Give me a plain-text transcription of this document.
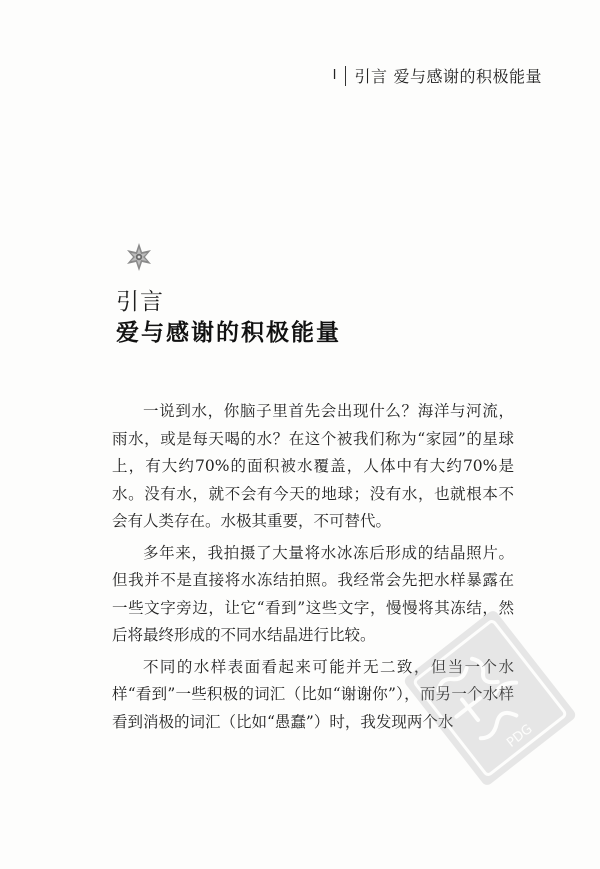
I 引言 爱与感谢的积极能量
引言
爱与感谢的积极能量

一说到水，你脑子里首先会出现什么？海洋与河流，雨水，或是每天喝的水？在这个被我们称为“家园”的星球上，有大约70%的面积被水覆盖，人体中有大约70%是水。没有水，就不会有今天的地球；没有水，也就根本不会有人类存在。水极其重要，不可替代。

多年来，我拍摄了大量将水冰冻后形成的结晶照片。但我并不是直接将水冻结拍照。我经常会先把水样暴露在一些文字旁边，让它“看到”这些文字，慢慢将其冻结，然后将最终形成的不同水结晶进行比较。

不同的水样表面看起来可能并无二致，但当一个水样“看到”一些积极的词汇（比如“谢谢你”），而另一个水样看到消极的词汇（比如“愚蠢”）时，我发现两个水

PDG
